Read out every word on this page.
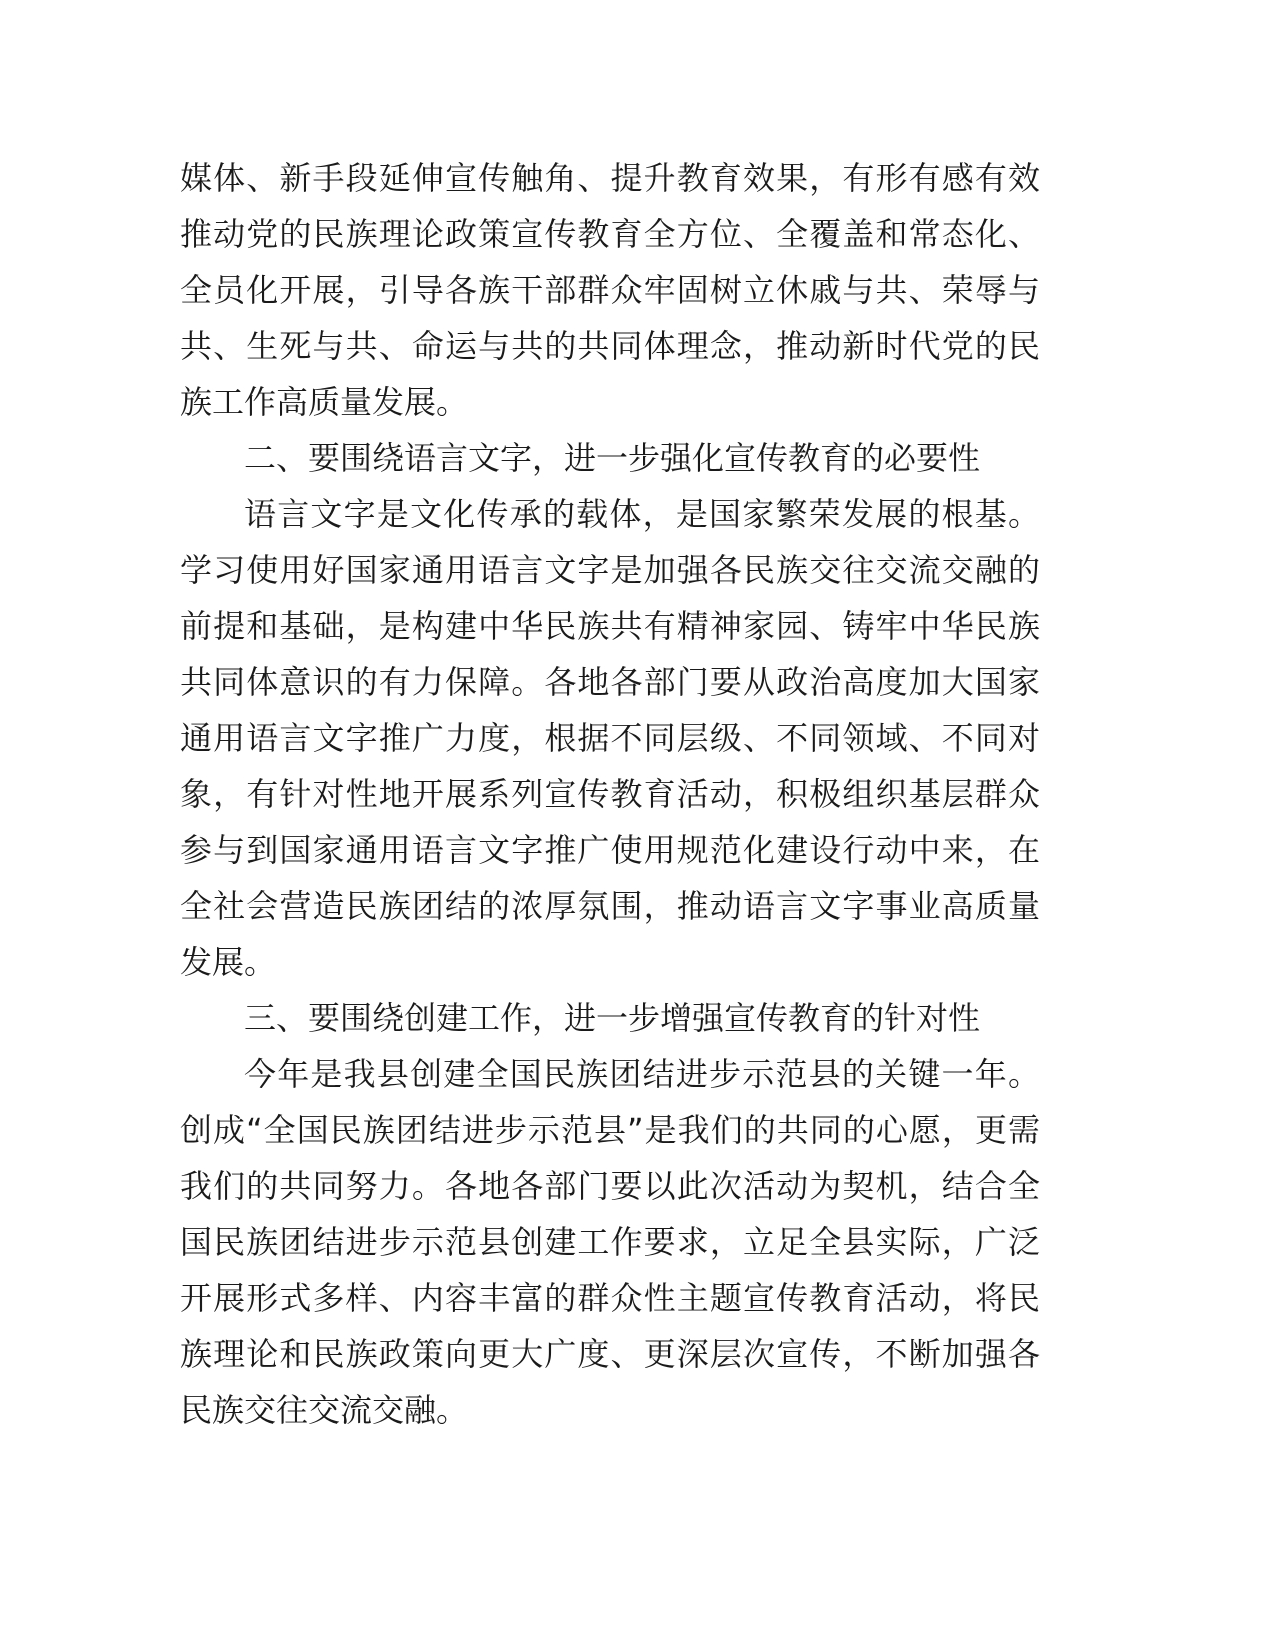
媒体、新手段延伸宣传触角、提升教育效果，有形有感有效推动党的民族理论政策宣传教育全方位、全覆盖和常态化、全员化开展，引导各族干部群众牢固树立休戚与共、荣辱与共、生死与共、命运与共的共同体理念，推动新时代党的民族工作高质量发展。

二、要围绕语言文字，进一步强化宣传教育的必要性

语言文字是文化传承的载体，是国家繁荣发展的根基。学习使用好国家通用语言文字是加强各民族交往交流交融的前提和基础，是构建中华民族共有精神家园、铸牢中华民族共同体意识的有力保障。各地各部门要从政治高度加大国家通用语言文字推广力度，根据不同层级、不同领域、不同对象，有针对性地开展系列宣传教育活动，积极组织基层群众参与到国家通用语言文字推广使用规范化建设行动中来，在全社会营造民族团结的浓厚氛围，推动语言文字事业高质量发展。

三、要围绕创建工作，进一步增强宣传教育的针对性

今年是我县创建全国民族团结进步示范县的关键一年。创成“全国民族团结进步示范县”是我们的共同的心愿，更需我们的共同努力。各地各部门要以此次活动为契机，结合全国民族团结进步示范县创建工作要求，立足全县实际，广泛开展形式多样、内容丰富的群众性主题宣传教育活动，将民族理论和民族政策向更大广度、更深层次宣传，不断加强各民族交往交流交融。
